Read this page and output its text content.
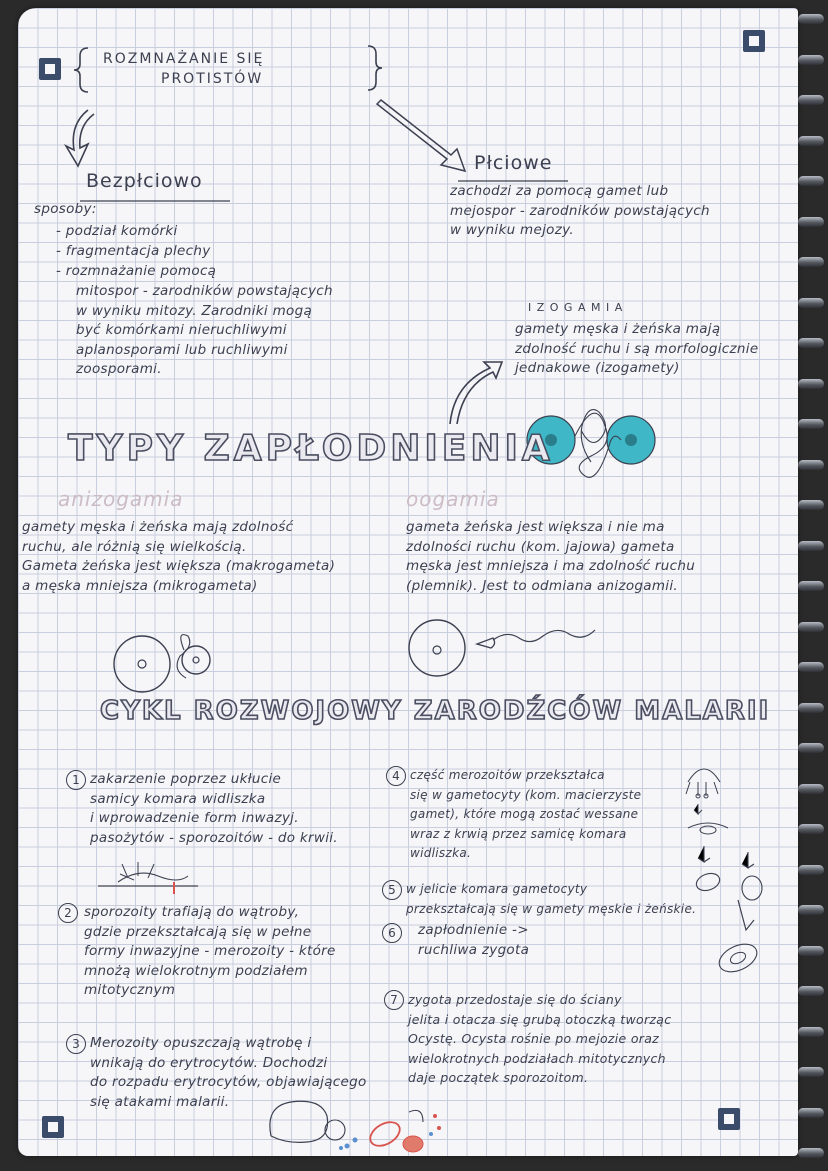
ROZMNAŻANIE SIĘ
PROTISTÓW
Bezpłciowo
sposoby:
- podział komórki
- fragmentacja plechy
- rozmnażanie pomocą
mitospor - zarodników powstających
w wyniku mitozy. Zarodniki mogą
być komórkami nieruchliwymi
aplanosporami lub ruchliwymi
zoosporami.
Płciowe
zachodzi za pomocą gamet lub
mejospor - zarodników powstających
w wyniku mejozy.
I Z O G A M I A
gamety męska i żeńska mają
zdolność ruchu i są morfologicznie
jednakowe (izogamety)
TYPY ZAPŁODNIENIA
anizogamia
gamety męska i żeńska mają zdolność
ruchu, ale różnią się wielkością.
Gameta żeńska jest większa (makrogameta)
a męska mniejsza (mikrogameta)
oogamia
gameta żeńska jest większa i nie ma
zdolności ruchu (kom. jajowa) gameta
męska jest mniejsza i ma zdolność ruchu
(plemnik). Jest to odmiana anizogamii.
CYKL ROZWOJOWY ZARODŹCÓW MALARII
1 zakarzenie poprzez ukłucie
samicy komara widliszka
i wprowadzenie form inwazyj.
pasożytów - sporozoitów - do krwii.
2 sporozoity trafiają do wątroby,
gdzie przekształcają się w pełne
formy inwazyjne - merozoity - które
mnożą wielokrotnym podziałem
mitotycznym
3 Merozoity opuszczają wątrobę i
wnikają do erytrocytów. Dochodzi
do rozpadu erytrocytów, objawiającego
się atakami malarii.
4 część merozoitów przekształca
się w gametocyty (kom. macierzyste
gamet), które mogą zostać wessane
wraz z krwią przez samicę komara
widliszka.
5 w jelicie komara gametocyty
przekształcają się w gamety męskie i żeńskie.
6	zapłodnienie ->
ruchliwa zygota
7 zygota przedostaje się do ściany
jelita i otacza się grubą otoczką tworząc
Ocystę. Ocysta rośnie po mejozie oraz
wielokrotnych podziałach mitotycznych
daje początek sporozoitom.
